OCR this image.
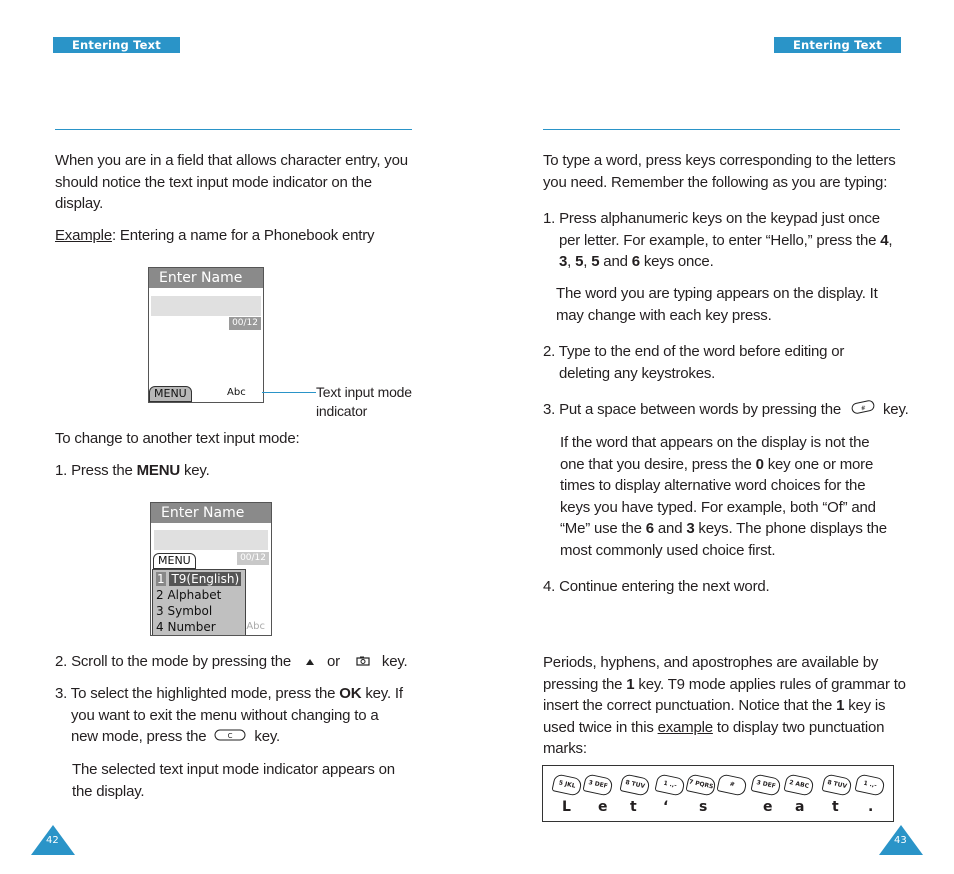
Entering Text	Entering Text
When you are in a field that allows character entry, you should notice the text input mode indicator on the display.
Example: Entering a name for a Phonebook entry
Enter Name
00/12
MENU	Abc	Text input mode
indicator
To change to another text input mode:
1. Press the MENU key.
Enter Name
00/12
Abc
MENU
1 T9(English)
2 Alphabet
3 Symbol
4 Number
2. Scroll to the mode by pressing the or	key.
3. To select the highlighted mode, press the OK key. If
you want to exit the menu without changing to a
new mode, press the	C key.
The selected text input mode indicator appears on
the display.
42
To type a word, press keys corresponding to the letters
you need. Remember the following as you are typing:
1. Press alphanumeric keys on the keypad just once
per letter. For example, to enter “Hello,” press the 4,
3, 5, 5 and 6 keys once.
The word you are typing appears on the display. It
may change with each key press.
2. Type to the end of the word before editing or
deleting any keystrokes.
3. Put a space between words by pressing the	# key.
If the word that appears on the display is not the
one that you desire, press the 0 key one or more
times to display alternative word choices for the
keys you have typed. For example, both “Of” and
“Me” use the 6 and 3 keys. The phone displays the
most commonly used choice first.
4. Continue entering the next word.
Periods, hyphens, and apostrophes are available by
pressing the 1 key. T9 mode applies rules of grammar to
insert the correct punctuation. Notice that the 1 key is
used twice in this example to display two punctuation
marks:
5 JKL	3 DEF	8 TUV	1 .,-	7 PQRS	#	3 DEF	2 ABC	8 TUV	1 .,-
L e t ‘ s	e a t .
43
